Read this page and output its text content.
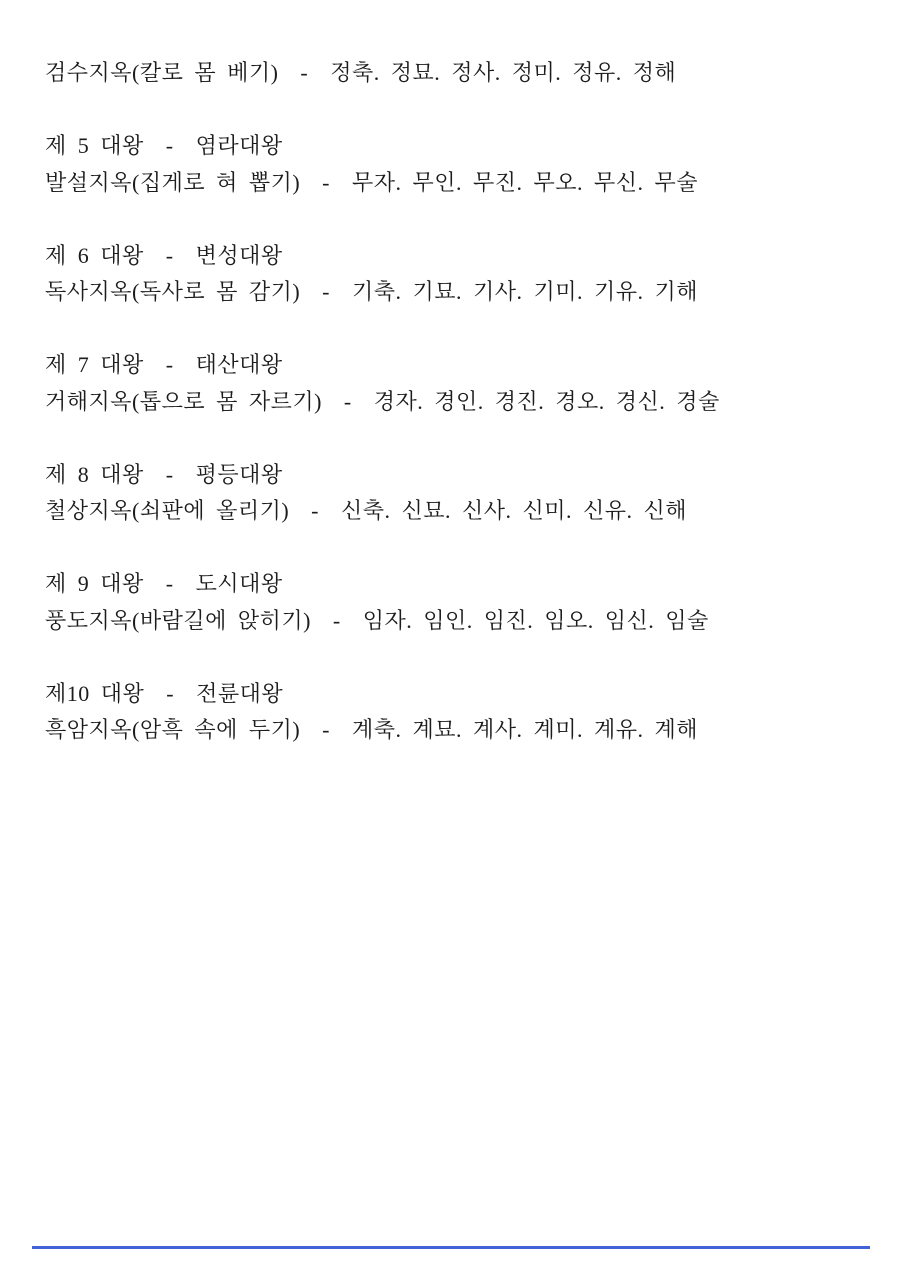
검수지옥(칼로 몸 베기)  -  정축. 정묘. 정사. 정미. 정유. 정해
제 5 대왕  -  염라대왕
발설지옥(집게로 혀 뽑기)  -  무자. 무인. 무진. 무오. 무신. 무술
제 6 대왕  -  변성대왕
독사지옥(독사로 몸 감기)  -  기축. 기묘. 기사. 기미. 기유. 기해
제 7 대왕  -  태산대왕
거해지옥(톱으로 몸 자르기)  -  경자. 경인. 경진. 경오. 경신. 경술
제 8 대왕  -  평등대왕
철상지옥(쇠판에 올리기)  -  신축. 신묘. 신사. 신미. 신유. 신해
제 9 대왕  -  도시대왕
풍도지옥(바람길에 앉히기)  -  임자. 임인. 임진. 임오. 임신. 임술
제10 대왕  -  전륜대왕
흑암지옥(암흑 속에 두기)  -  계축. 계묘. 계사. 계미. 계유. 계해
